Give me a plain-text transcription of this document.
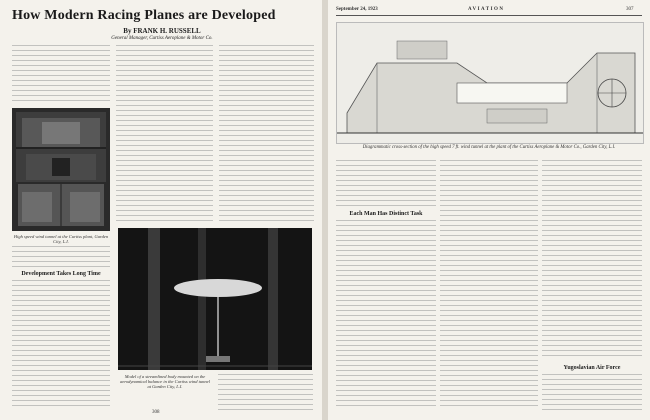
How Modern Racing Planes are Developed
By FRANK H. RUSSELL
General Manager, Curtiss Aeroplane & Motor Co.
High speed wind tunnel at the Curtiss plant, Garden City, L.I.
Development Takes Long Time
Model of a streamlined body mounted on the aerodynamical balance in the Curtiss wind tunnel at Garden City, L.I.
308
September 24, 1923	AVIATION	307
Diagrammatic cross-section of the high speed 7 ft. wind tunnel at the plant of the Curtiss Aeroplane & Motor Co., Garden City, L.I.
Each Man Has Distinct Task
Yugoslavian Air Force
